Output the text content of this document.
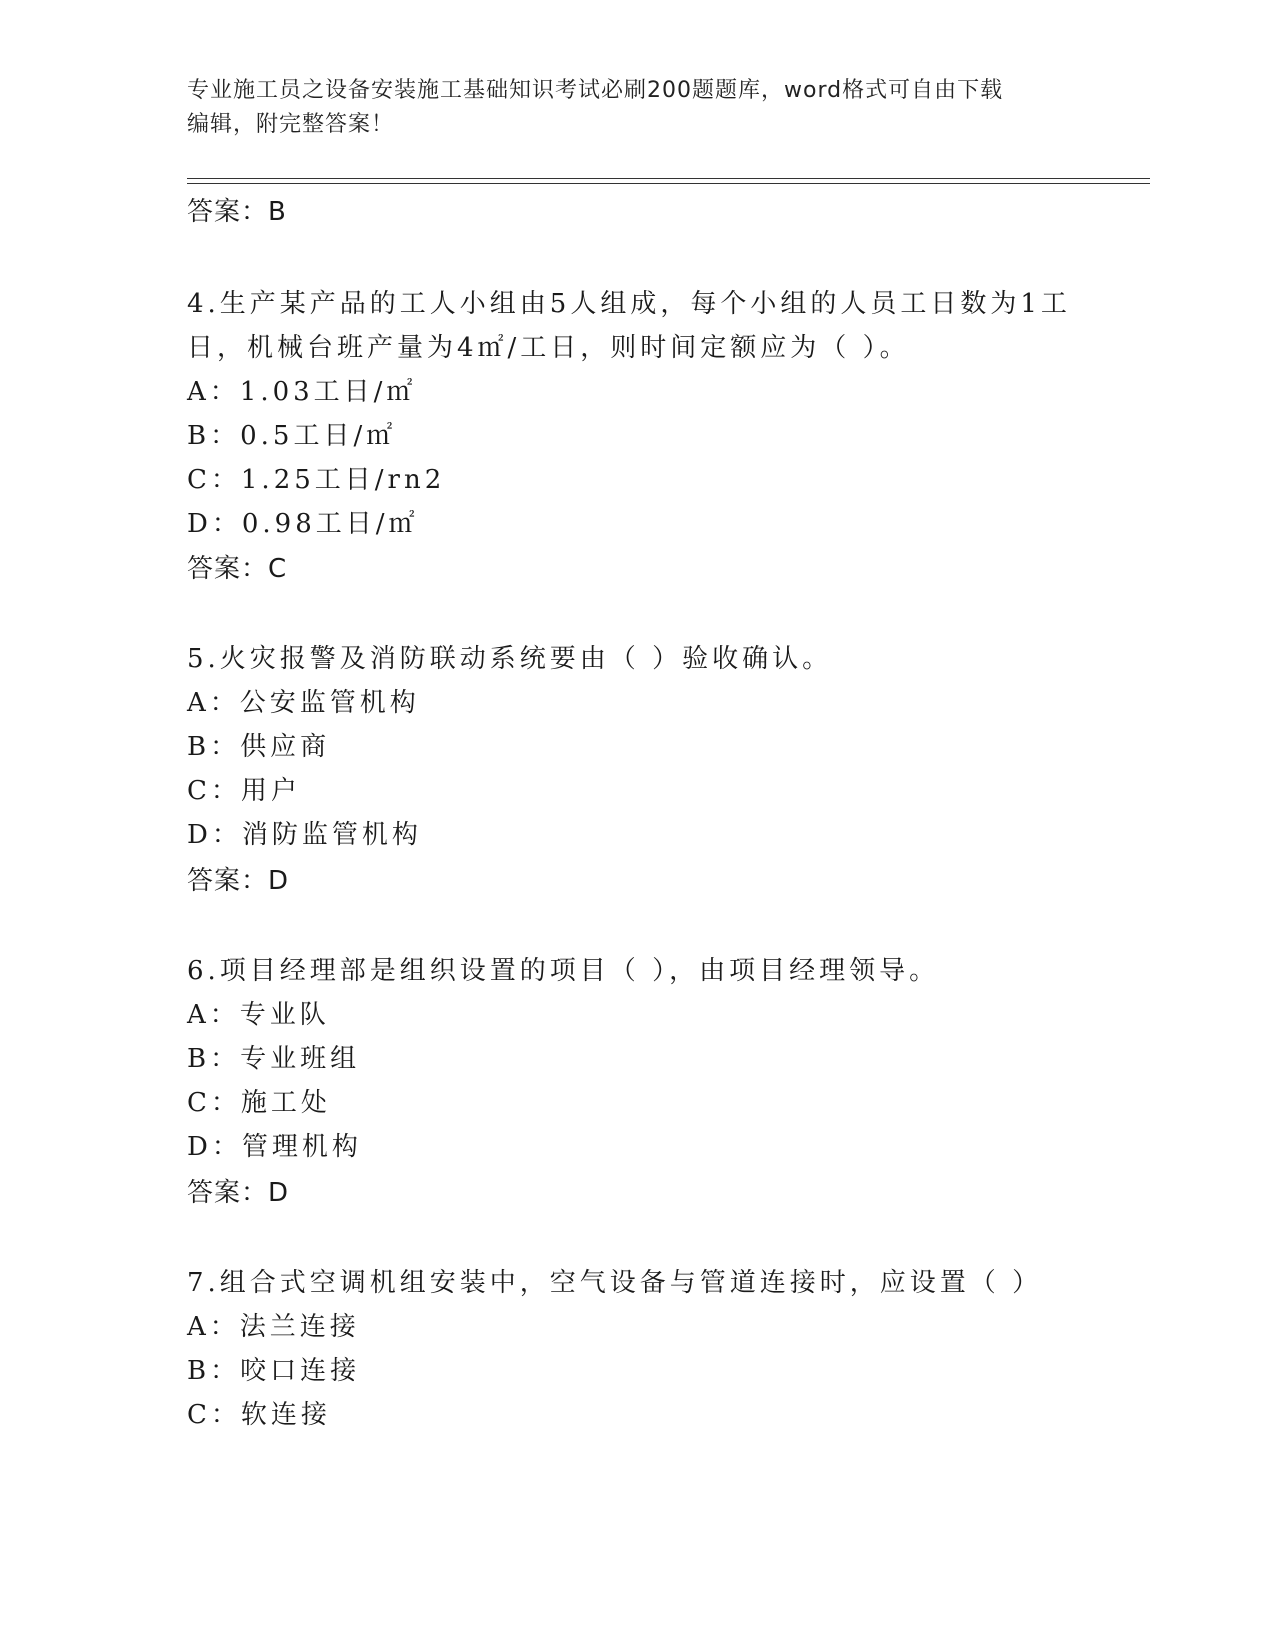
专业施工员之设备安装施工基础知识考试必刷200题题库，word格式可自由下载
编辑，附完整答案！
答案：B
4.生产某产品的工人小组由5人组成，每个小组的人员工日数为1工
日，机械台班产量为4㎡/工日，则时间定额应为（ ）。
A：1.03工日/㎡
B：0.5工日/㎡
C：1.25工日/rn2
D：0.98工日/㎡
答案：C
5.火灾报警及消防联动系统要由（ ）验收确认。
A：公安监管机构
B：供应商
C：用户
D：消防监管机构
答案：D
6.项目经理部是组织设置的项目（ ），由项目经理领导。
A：专业队
B：专业班组
C：施工处
D：管理机构
答案：D
7.组合式空调机组安装中，空气设备与管道连接时，应设置（ ）
A：法兰连接
B：咬口连接
C：软连接
